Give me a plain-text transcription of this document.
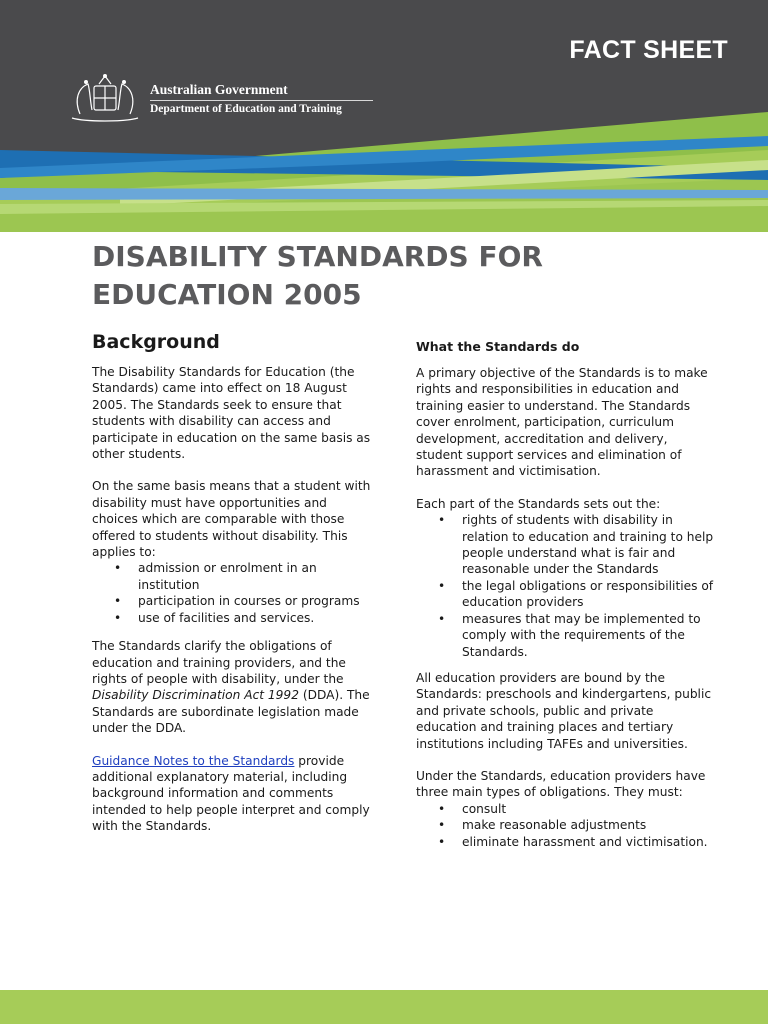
FACT SHEET
Australian Government
Department of Education and Training
DISABILITY STANDARDS FOR EDUCATION 2005
Background

The Disability Standards for Education (the Standards) came into effect on 18 August 2005. The Standards seek to ensure that students with disability can access and participate in education on the same basis as other students.

On the same basis means that a student with disability must have opportunities and choices which are comparable with those offered to students without disability. This applies to:

• admission or enrolment in an institution
• participation in courses or programs
• use of facilities and services.

The Standards clarify the obligations of education and training providers, and the rights of people with disability, under the Disability Discrimination Act 1992 (DDA). The Standards are subordinate legislation made under the DDA.

Guidance Notes to the Standards provide additional explanatory material, including background information and comments intended to help people interpret and comply with the Standards.

What the Standards do

A primary objective of the Standards is to make rights and responsibilities in education and training easier to understand. The Standards cover enrolment, participation, curriculum development, accreditation and delivery, student support services and elimination of harassment and victimisation.

Each part of the Standards sets out the:

• rights of students with disability in relation to education and training to help people understand what is fair and reasonable under the Standards
• the legal obligations or responsibilities of education providers
• measures that may be implemented to comply with the requirements of the Standards.

All education providers are bound by the Standards: preschools and kindergartens, public and private schools, public and private education and training places and tertiary institutions including TAFEs and universities.

Under the Standards, education providers have three main types of obligations. They must:

• consult
• make reasonable adjustments
• eliminate harassment and victimisation.
